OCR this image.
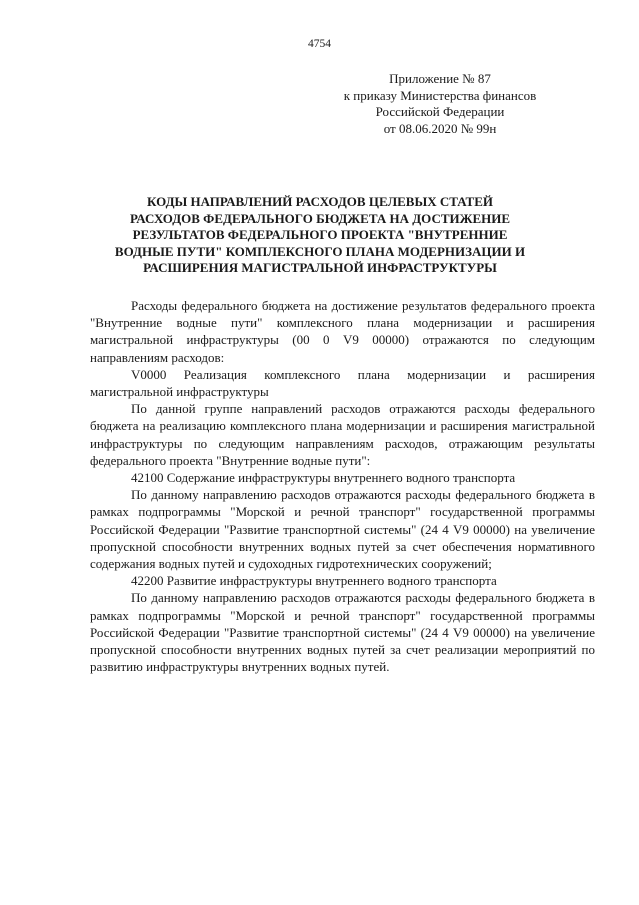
4754
Приложение № 87
к приказу Министерства финансов
Российской Федерации
от 08.06.2020 № 99н
КОДЫ НАПРАВЛЕНИЙ РАСХОДОВ ЦЕЛЕВЫХ СТАТЕЙ
РАСХОДОВ ФЕДЕРАЛЬНОГО БЮДЖЕТА НА ДОСТИЖЕНИЕ
РЕЗУЛЬТАТОВ ФЕДЕРАЛЬНОГО ПРОЕКТА "ВНУТРЕННИЕ
ВОДНЫЕ ПУТИ" КОМПЛЕКСНОГО ПЛАНА МОДЕРНИЗАЦИИ И
РАСШИРЕНИЯ МАГИСТРАЛЬНОЙ ИНФРАСТРУКТУРЫ

Расходы федерального бюджета на достижение результатов федерального проекта "Внутренние водные пути" комплексного плана модернизации и расширения магистральной инфраструктуры (00 0 V9 00000) отражаются по следующим направлениям расходов:

V0000 Реализация комплексного плана модернизации и расширения магистральной инфраструктуры

По данной группе направлений расходов отражаются расходы федерального бюджета на реализацию комплексного плана модернизации и расширения магистральной инфраструктуры по следующим направлениям расходов, отражающим результаты федерального проекта "Внутренние водные пути":

42100 Содержание инфраструктуры внутреннего водного транспорта

По данному направлению расходов отражаются расходы федерального бюджета в рамках подпрограммы "Морской и речной транспорт" государственной программы Российской Федерации "Развитие транспортной системы" (24 4 V9 00000) на увеличение пропускной способности внутренних водных путей за счет обеспечения нормативного содержания водных путей и судоходных гидротехнических сооружений;

42200 Развитие инфраструктуры внутреннего водного транспорта

По данному направлению расходов отражаются расходы федерального бюджета в рамках подпрограммы "Морской и речной транспорт" государственной программы Российской Федерации "Развитие транспортной системы" (24 4 V9 00000) на увеличение пропускной способности внутренних водных путей за счет реализации мероприятий по развитию инфраструктуры внутренних водных путей.
